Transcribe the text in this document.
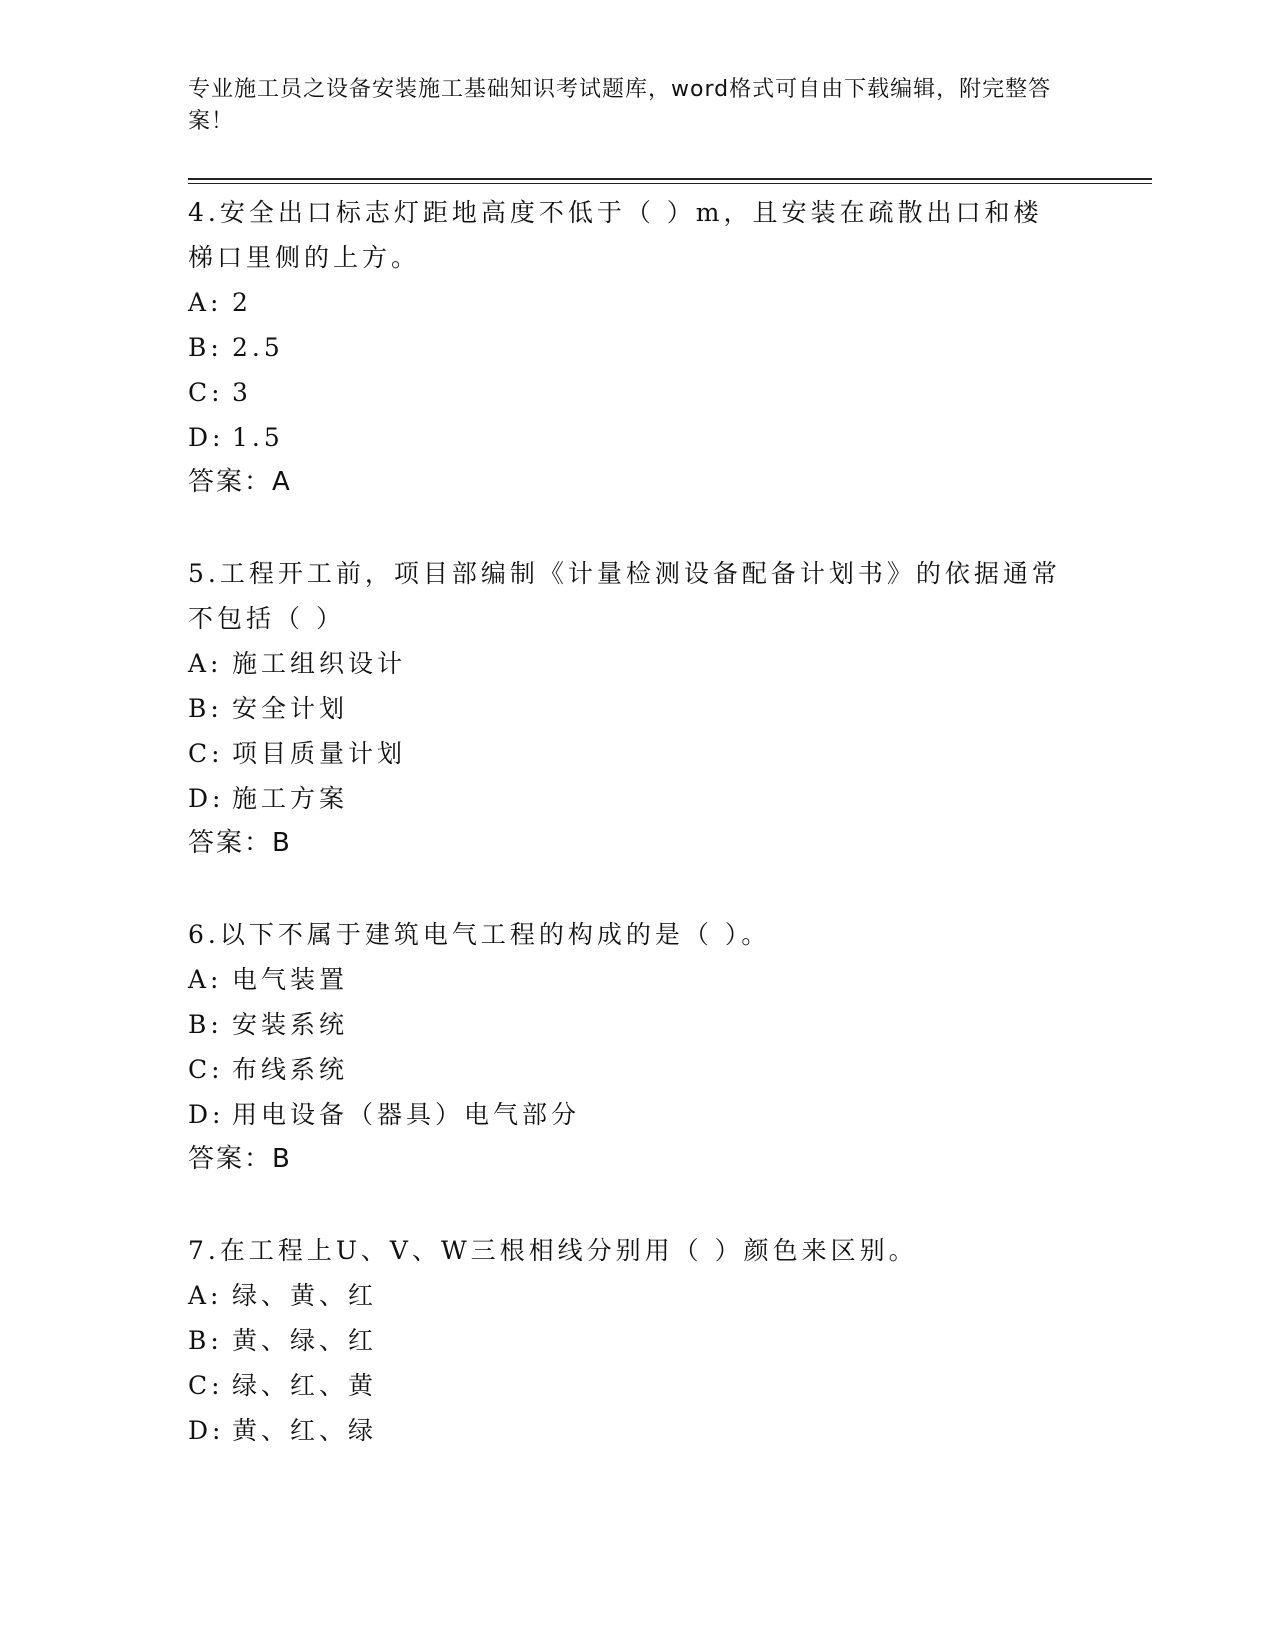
专业施工员之设备安装施工基础知识考试题库，word格式可自由下载编辑，附完整答案！

4.安全出口标志灯距地高度不低于（ ）m，且安装在疏散出口和楼梯口里侧的上方。

A: 2

B: 2.5

C: 3

D: 1.5

答案：A

5.工程开工前，项目部编制《计量检测设备配备计划书》的依据通常不包括（ ）

A: 施工组织设计

B: 安全计划

C: 项目质量计划

D: 施工方案

答案：B

6.以下不属于建筑电气工程的构成的是（ ）。

A: 电气装置

B: 安装系统

C: 布线系统

D: 用电设备（器具）电气部分

答案：B

7.在工程上U、V、W三根相线分别用（ ）颜色来区别。

A: 绿、黄、红

B: 黄、绿、红

C: 绿、红、黄

D: 黄、红、绿
